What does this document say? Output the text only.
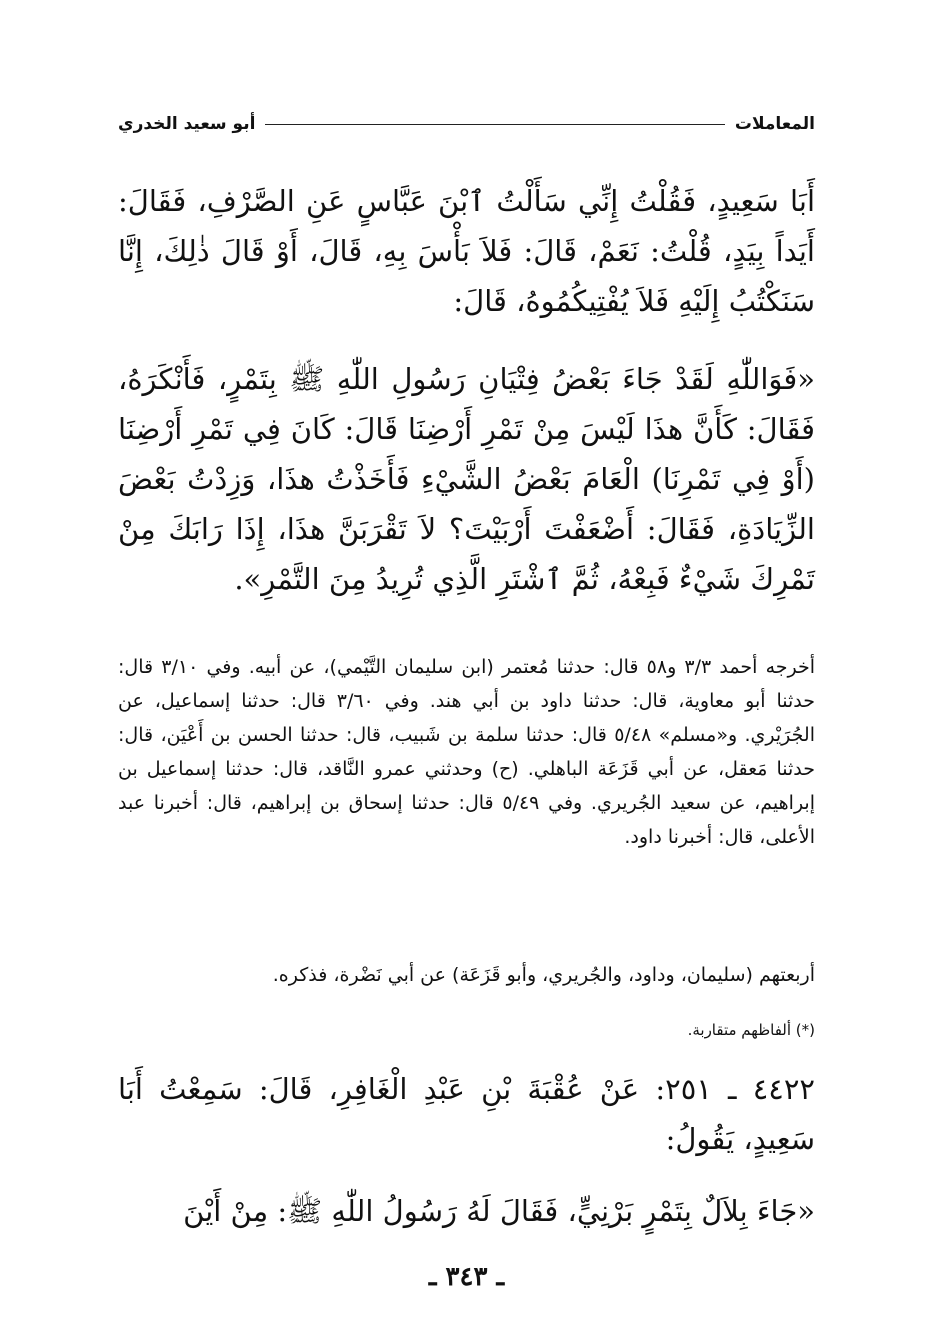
المعاملات
أبو سعيد الخدري
أَبَا سَعِيدٍ، فَقُلْتُ إِنِّي سَأَلْتُ ٱبْنَ عَبَّاسٍ عَنِ الصَّرْفِ، فَقَالَ: أَيَداً بِيَدٍ، قُلْتُ: نَعَمْ، قَالَ: فَلاَ بَأْسَ بِهِ، قَالَ، أَوْ قَالَ ذٰلِكَ، إِنَّا سَنَكْتُبُ إِلَيْهِ فَلاَ يُفْتِيكُمُوهُ، قَالَ:
«فَوَاللّٰهِ لَقَدْ جَاءَ بَعْضُ فِتْيَانِ رَسُولِ اللّٰهِ ﷺ بِتَمْرٍ، فَأَنْكَرَهُ، فَقَالَ: كَأَنَّ هذَا لَيْسَ مِنْ تَمْرِ أَرْضِنَا قَالَ: كَانَ فِي تَمْرِ أَرْضِنَا (أَوْ فِي تَمْرِنَا) الْعَامَ بَعْضُ الشَّيْءِ فَأَخَذْتُ هذَا، وَزِدْتُ بَعْضَ الزِّيَادَةِ، فَقَالَ: أَضْعَفْتَ أَرْبَيْتَ؟ لاَ تَقْرَبَنَّ هذَا، إِذَا رَابَكَ مِنْ تَمْرِكَ شَيْءٌ فَبِعْهُ، ثُمَّ ٱشْتَرِ الَّذِي تُرِيدُ مِنَ التَّمْرِ».
أخرجه أحمد ٣/٣ و٥٨ قال: حدثنا مُعتمر (ابن سليمان التَّيْمي)، عن أبيه. وفي ٣/١٠ قال: حدثنا أبو معاوية، قال: حدثنا داود بن أبي هند. وفي ٣/٦٠ قال: حدثنا إسماعيل، عن الجُرَيْري. و«مسلم» ٥/٤٨ قال: حدثنا سلمة بن شَبيب، قال: حدثنا الحسن بن أَعْيَن، قال: حدثنا مَعقل، عن أبي قَزَعَة الباهلي. (ح) وحدثني عمرو النَّاقد، قال: حدثنا إسماعيل بن إبراهيم، عن سعيد الجُريري. وفي ٥/٤٩ قال: حدثنا إسحاق بن إبراهيم، قال: أخبرنا عبد الأعلى، قال: أخبرنا داود.
أربعتهم (سليمان، وداود، والجُريري، وأبو قَزَعَة) عن أبي نَضْرة، فذكره.
(*) ألفاظهم متقاربة.
٤٤٢٢ ـ ٢٥١: عَنْ عُقْبَةَ بْنِ عَبْدِ الْغَافِرِ، قَالَ: سَمِعْتُ أَبَا سَعِيدٍ، يَقُولُ:
«جَاءَ بِلاَلٌ بِتَمْرٍ بَرْنِيٍّ، فَقَالَ لَهُ رَسُولُ اللّٰهِ ﷺ: مِنْ أَيْنَ
ـ ٣٤٣ ـ
